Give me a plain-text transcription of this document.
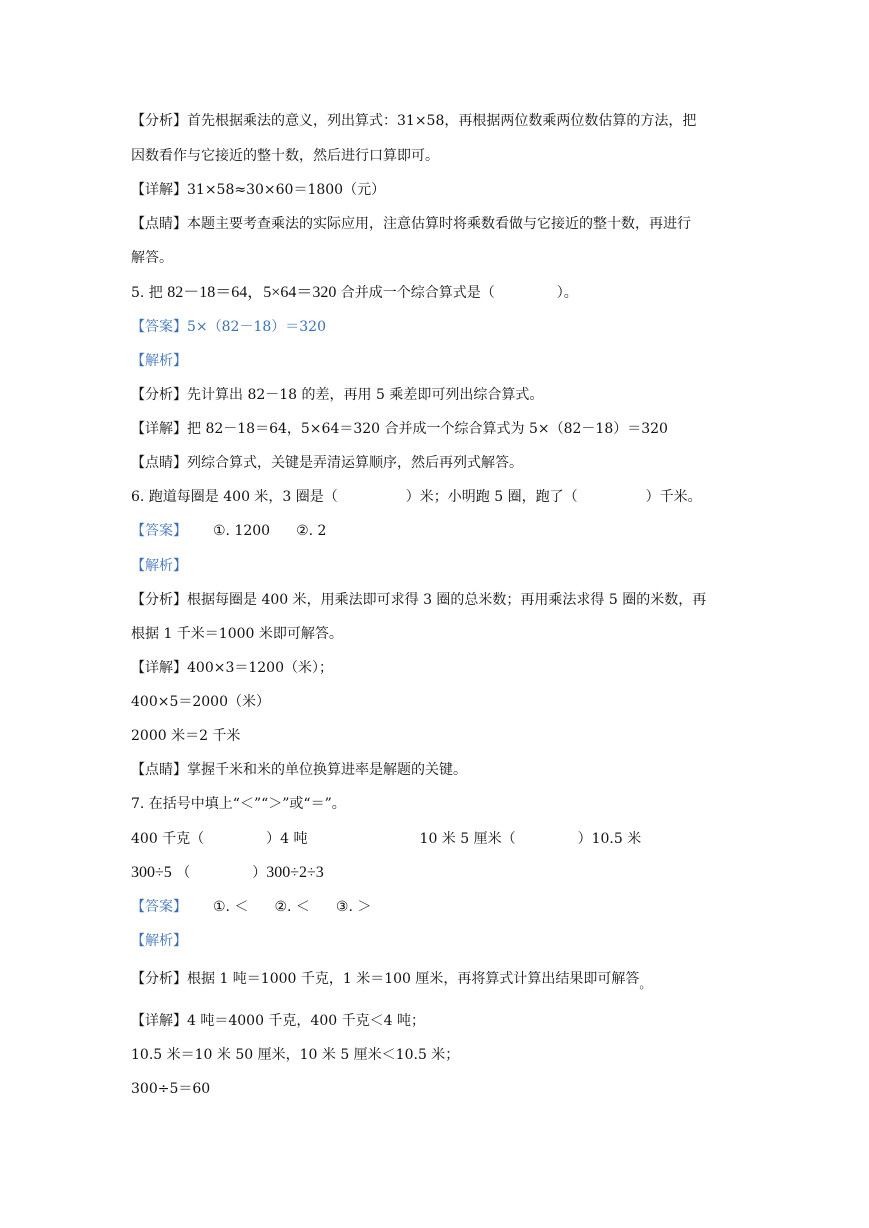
【分析】首先根据乘法的意义，列出算式：31×58，再根据两位数乘两位数估算的方法，把
因数看作与它接近的整十数，然后进行口算即可。
【详解】31×58≈30×60＝1800（元）
【点睛】本题主要考查乘法的实际应用，注意估算时将乘数看做与它接近的整十数，再进行
解答。
5. 把 82－18＝64，5×64＝320 合并成一个综合算式是（	）。
【答案】5×（82－18）＝320
【解析】
【分析】先计算出 82－18 的差，再用 5 乘差即可列出综合算式。
【详解】把 82－18＝64，5×64＝320 合并成一个综合算式为 5×（82－18）＝320
【点睛】列综合算式，关键是弄清运算顺序，然后再列式解答。
6. 跑道每圈是 400 米，3 圈是（	）米；小明跑 5 圈，跑了（	）千米。
【答案】 ①. 1200 ②. 2
【解析】
【分析】根据每圈是 400 米，用乘法即可求得 3 圈的总米数；再用乘法求得 5 圈的米数，再
根据 1 千米＝1000 米即可解答。
【详解】400×3＝1200（米）；
400×5＝2000（米）
2000 米＝2 千米
【点睛】掌握千米和米的单位换算进率是解题的关键。
7. 在括号中填上“＜”“＞”或“＝”。
400 千克（	）4 吨	10 米 5 厘米（	）10.5 米
300÷5 （	）300÷2÷3
【答案】 ①. ＜ ②. ＜ ③. ＞
【解析】
【分析】根据 1 吨＝1000 千克，1 米＝100 厘米，再将算式计算出结果即可解答。
【详解】4 吨＝4000 千克，400 千克＜4 吨；
10.5 米＝10 米 50 厘米，10 米 5 厘米＜10.5 米；
300÷5＝60
